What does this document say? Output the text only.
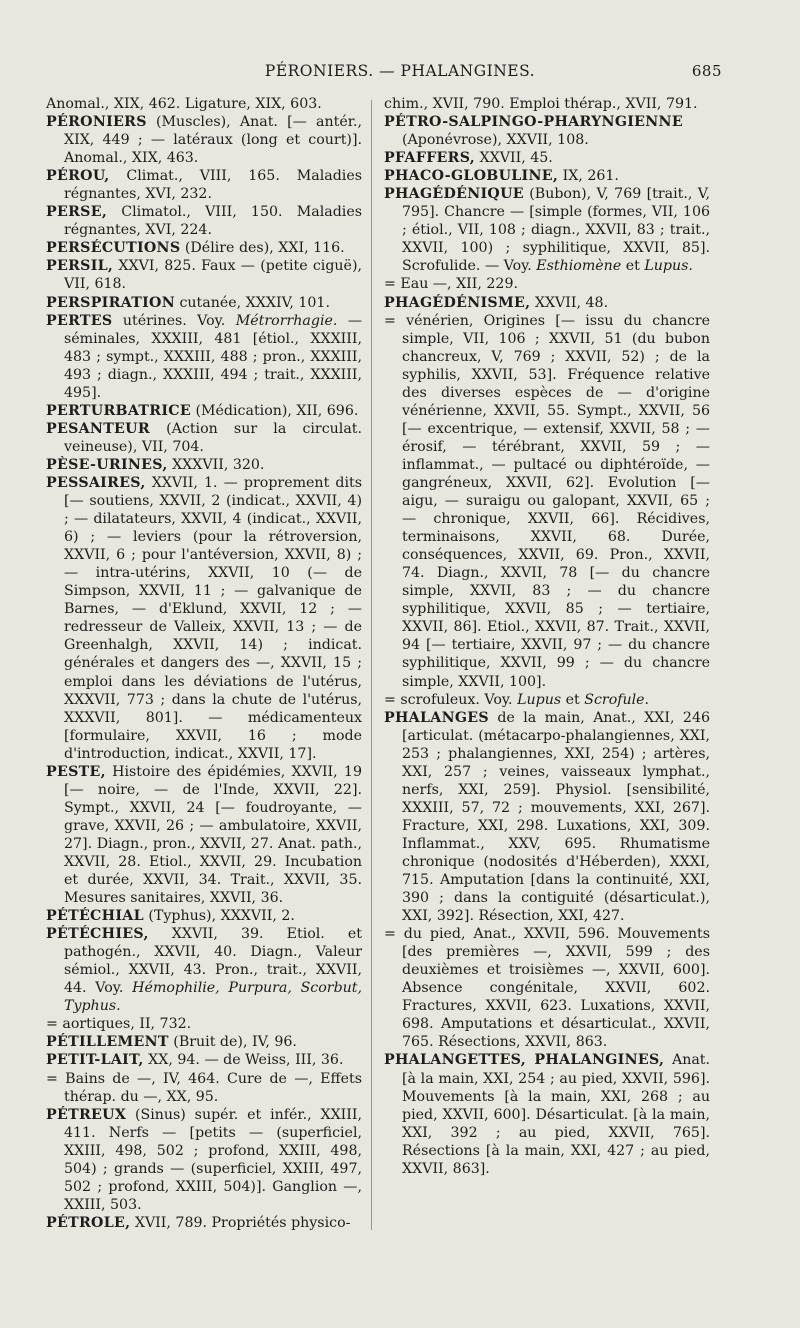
PÉRONIERS. — PHALANGINES.	685

Anomal., XIX, 462. Ligature, XIX, 603.

PÉRONIERS (Muscles), Anat. [— antér., XIX, 449 ; — latéraux (long et court)]. Anomal., XIX, 463.

PÉROU, Climat., VIII, 165. Maladies régnantes, XVI, 232.

PERSE, Climatol., VIII, 150. Maladies régnantes, XVI, 224.

PERSÉCUTIONS (Délire des), XXI, 116.

PERSIL, XXVI, 825. Faux — (petite ciguë), VII, 618.

PERSPIRATION cutanée, XXXIV, 101.

PERTES utérines. Voy. Métrorrhagie. — séminales, XXXIII, 481 [étiol., XXXIII, 483 ; sympt., XXXIII, 488 ; pron., XXXIII, 493 ; diagn., XXXIII, 494 ; trait., XXXIII, 495].

PERTURBATRICE (Médication), XII, 696.

PESANTEUR (Action sur la circulat. veineuse), VII, 704.

PÈSE-URINES, XXXVII, 320.

PESSAIRES, XXVII, 1. — proprement dits [— soutiens, XXVII, 2 (indicat., XXVII, 4) ; — dilatateurs, XXVII, 4 (indicat., XXVII, 6) ; — leviers (pour la rétroversion, XXVII, 6 ; pour l'antéversion, XXVII, 8) ; — intra-utérins, XXVII, 10 (— de Simpson, XXVII, 11 ; — galvanique de Barnes, — d'Eklund, XXVII, 12 ; — redresseur de Valleix, XXVII, 13 ; — de Greenhalgh, XXVII, 14) ; indicat. générales et dangers des —, XXVII, 15 ; emploi dans les déviations de l'utérus, XXXVII, 773 ; dans la chute de l'utérus, XXXVII, 801]. — médicamenteux [formulaire, XXVII, 16 ; mode d'introduction, indicat., XXVII, 17].

PESTE, Histoire des épidémies, XXVII, 19 [— noire, — de l'Inde, XXVII, 22]. Sympt., XXVII, 24 [— foudroyante, — grave, XXVII, 26 ; — ambulatoire, XXVII, 27]. Diagn., pron., XXVII, 27. Anat. path., XXVII, 28. Etiol., XXVII, 29. Incubation et durée, XXVII, 34. Trait., XXVII, 35. Mesures sanitaires, XXVII, 36.

PÉTÉCHIAL (Typhus), XXXVII, 2.

PÉTÉCHIES, XXVII, 39. Etiol. et pathogén., XXVII, 40. Diagn., Valeur sémiol., XXVII, 43. Pron., trait., XXVII, 44. Voy. Hémophilie, Purpura, Scorbut, Typhus.

= aortiques, II, 732.

PÉTILLEMENT (Bruit de), IV, 96.

PETIT-LAIT, XX, 94. — de Weiss, III, 36.

= Bains de —, IV, 464. Cure de —, Effets thérap. du —, XX, 95.

PÉTREUX (Sinus) supér. et infér., XXIII, 411. Nerfs — [petits — (superficiel, XXIII, 498, 502 ; profond, XXIII, 498, 504) ; grands — (superficiel, XXIII, 497, 502 ; profond, XXIII, 504)]. Ganglion —, XXIII, 503.

PÉTROLE, XVII, 789. Propriétés physico-

chim., XVII, 790. Emploi thérap., XVII, 791.

PÉTRO-SALPINGO-PHARYNGIENNE (Aponévrose), XXVII, 108.

PFAFFERS, XXVII, 45.

PHACO-GLOBULINE, IX, 261.

PHAGÉDÉNIQUE (Bubon), V, 769 [trait., V, 795]. Chancre — [simple (formes, VII, 106 ; étiol., VII, 108 ; diagn., XXVII, 83 ; trait., XXVII, 100) ; syphilitique, XXVII, 85]. Scrofulide. — Voy. Esthiomène et Lupus.

= Eau —, XII, 229.

PHAGÉDÉNISME, XXVII, 48.

= vénérien, Origines [— issu du chancre simple, VII, 106 ; XXVII, 51 (du bubon chancreux, V, 769 ; XXVII, 52) ; de la syphilis, XXVII, 53]. Fréquence relative des diverses espèces de — d'origine vénérienne, XXVII, 55. Sympt., XXVII, 56 [— excentrique, — extensif, XXVII, 58 ; — érosif, — térébrant, XXVII, 59 ; — inflammat., — pultacé ou diphtéroïde, — gangréneux, XXVII, 62]. Evolution [— aigu, — suraigu ou galopant, XXVII, 65 ; — chronique, XXVII, 66]. Récidives, terminaisons, XXVII, 68. Durée, conséquences, XXVII, 69. Pron., XXVII, 74. Diagn., XXVII, 78 [— du chancre simple, XXVII, 83 ; — du chancre syphilitique, XXVII, 85 ; — tertiaire, XXVII, 86]. Etiol., XXVII, 87. Trait., XXVII, 94 [— tertiaire, XXVII, 97 ; — du chancre syphilitique, XXVII, 99 ; — du chancre simple, XXVII, 100].

= scrofuleux. Voy. Lupus et Scrofule.

PHALANGES de la main, Anat., XXI, 246 [articulat. (métacarpo-phalangiennes, XXI, 253 ; phalangiennes, XXI, 254) ; artères, XXI, 257 ; veines, vaisseaux lymphat., nerfs, XXI, 259]. Physiol. [sensibilité, XXXIII, 57, 72 ; mouvements, XXI, 267]. Fracture, XXI, 298. Luxations, XXI, 309. Inflammat., XXV, 695. Rhumatisme chronique (nodosités d'Héberden), XXXI, 715. Amputation [dans la continuité, XXI, 390 ; dans la contiguité (désarticulat.), XXI, 392]. Résection, XXI, 427.

= du pied, Anat., XXVII, 596. Mouvements [des premières —, XXVII, 599 ; des deuxièmes et troisièmes —, XXVII, 600]. Absence congénitale, XXVII, 602. Fractures, XXVII, 623. Luxations, XXVII, 698. Amputations et désarticulat., XXVII, 765. Résections, XXVII, 863.

PHALANGETTES, PHALANGINES, Anat. [à la main, XXI, 254 ; au pied, XXVII, 596]. Mouvements [à la main, XXI, 268 ; au pied, XXVII, 600]. Désarticulat. [à la main, XXI, 392 ; au pied, XXVII, 765]. Résections [à la main, XXI, 427 ; au pied, XXVII, 863].
